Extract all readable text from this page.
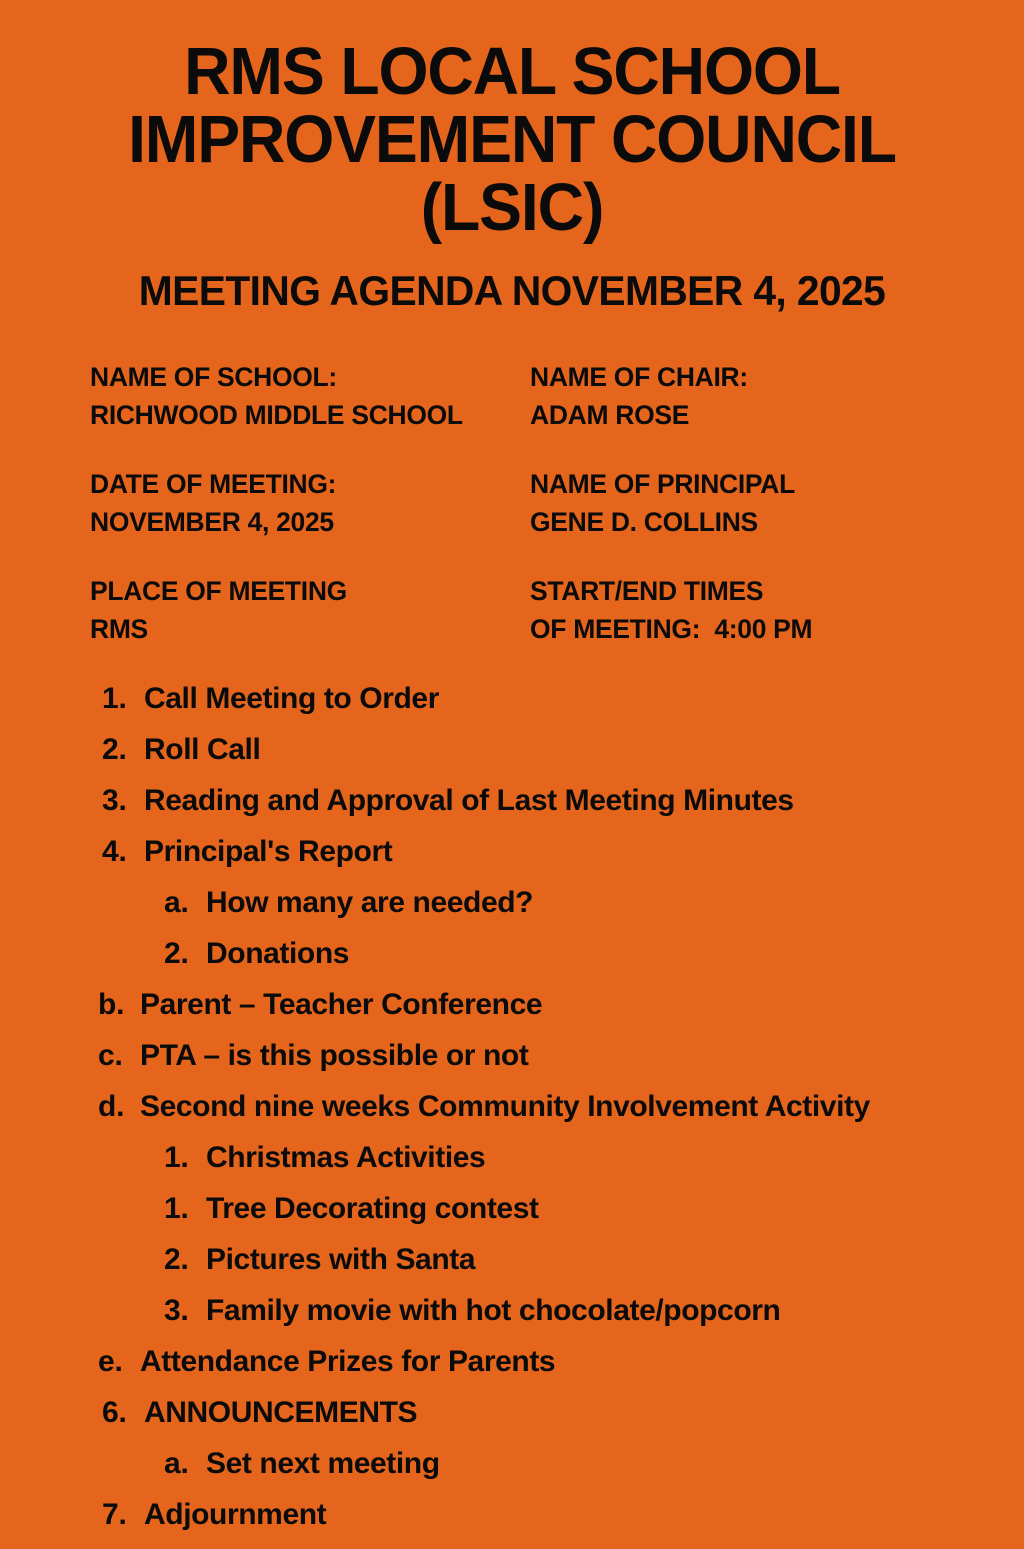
RMS LOCAL SCHOOL
IMPROVEMENT COUNCIL
(LSIC)
MEETING AGENDA NOVEMBER 4, 2025
NAME OF SCHOOL:
RICHWOOD MIDDLE SCHOOL
NAME OF CHAIR:
ADAM ROSE
DATE OF MEETING:
NOVEMBER 4, 2025
NAME OF PRINCIPAL
GENE D. COLLINS
PLACE OF MEETING
RMS
START/END TIMES
OF MEETING:  4:00 PM
1. Call Meeting to Order
2. Roll Call
3. Reading and Approval of Last Meeting Minutes
4. Principal's Report
a. How many are needed?
2. Donations
b. Parent – Teacher Conference
c. PTA – is this possible or not
d. Second nine weeks Community Involvement Activity
1. Christmas Activities
1. Tree Decorating contest
2. Pictures with Santa
3. Family movie with hot chocolate/popcorn
e. Attendance Prizes for Parents
6. ANNOUNCEMENTS
a. Set next meeting
7. Adjournment
